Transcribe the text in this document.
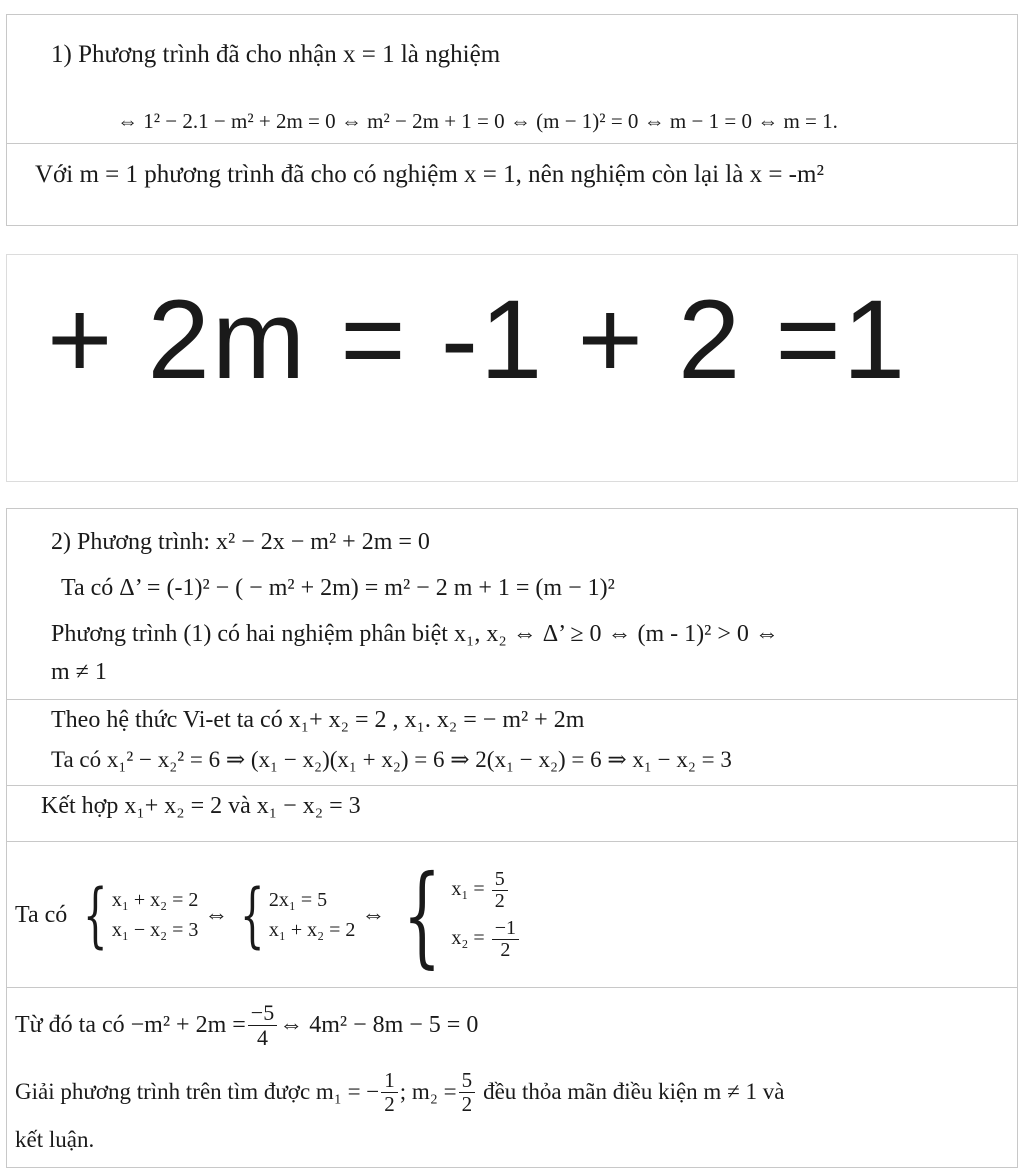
1) Phương trình đã cho nhận x = 1 là nghiệm
⇔ 1² − 2.1 − m² + 2m = 0 ⇔ m² − 2m + 1 = 0 ⇔ (m − 1)² = 0 ⇔ m − 1 = 0 ⇔ m = 1.
Với m = 1 phương trình đã cho có nghiệm x = 1, nên nghiệm còn lại là x = -m²
+ 2m = -1 + 2 =1
2) Phương trình: x² − 2x − m² + 2m = 0
Ta có Δ’ = (-1)² − ( − m² + 2m) = m² − 2 m + 1 = (m − 1)²
Phương trình (1) có hai nghiệm phân biệt x₁, x₂ ⇔ Δ’ ≥ 0 ⇔ (m - 1)² > 0 ⇔
m ≠ 1
Theo hệ thức Vi-et ta có x₁+ x₂ = 2 , x₁. x₂ = − m² + 2m
Ta có x₁² − x₂² = 6 ⇒ (x₁ − x₂)(x₁ + x₂) = 6 ⇒ 2(x₁ − x₂) = 6 ⇒ x₁ − x₂ = 3
Kết hợp x₁+ x₂ = 2 và x₁ − x₂ = 3
Ta có { x₁ + x₂ = 2
x₁ − x₂ = 3
⇔ { 2x₁ = 5
x₁ + x₂ = 2
⇔ { $x_1 = \frac{5}{2}$
$x_2 = \frac{-1}{2}$
Từ đó ta có $-m^2 + 2m = \frac{-5}{4}$ ⇔ 4m² − 8m − 5 = 0
Giải phương trình trên tìm được m₁ = − $\frac{1}{2}$ ; $m_2 = \frac{5}{2}$ đều thỏa mãn điều kiện m ≠ 1 và
kết luận.
